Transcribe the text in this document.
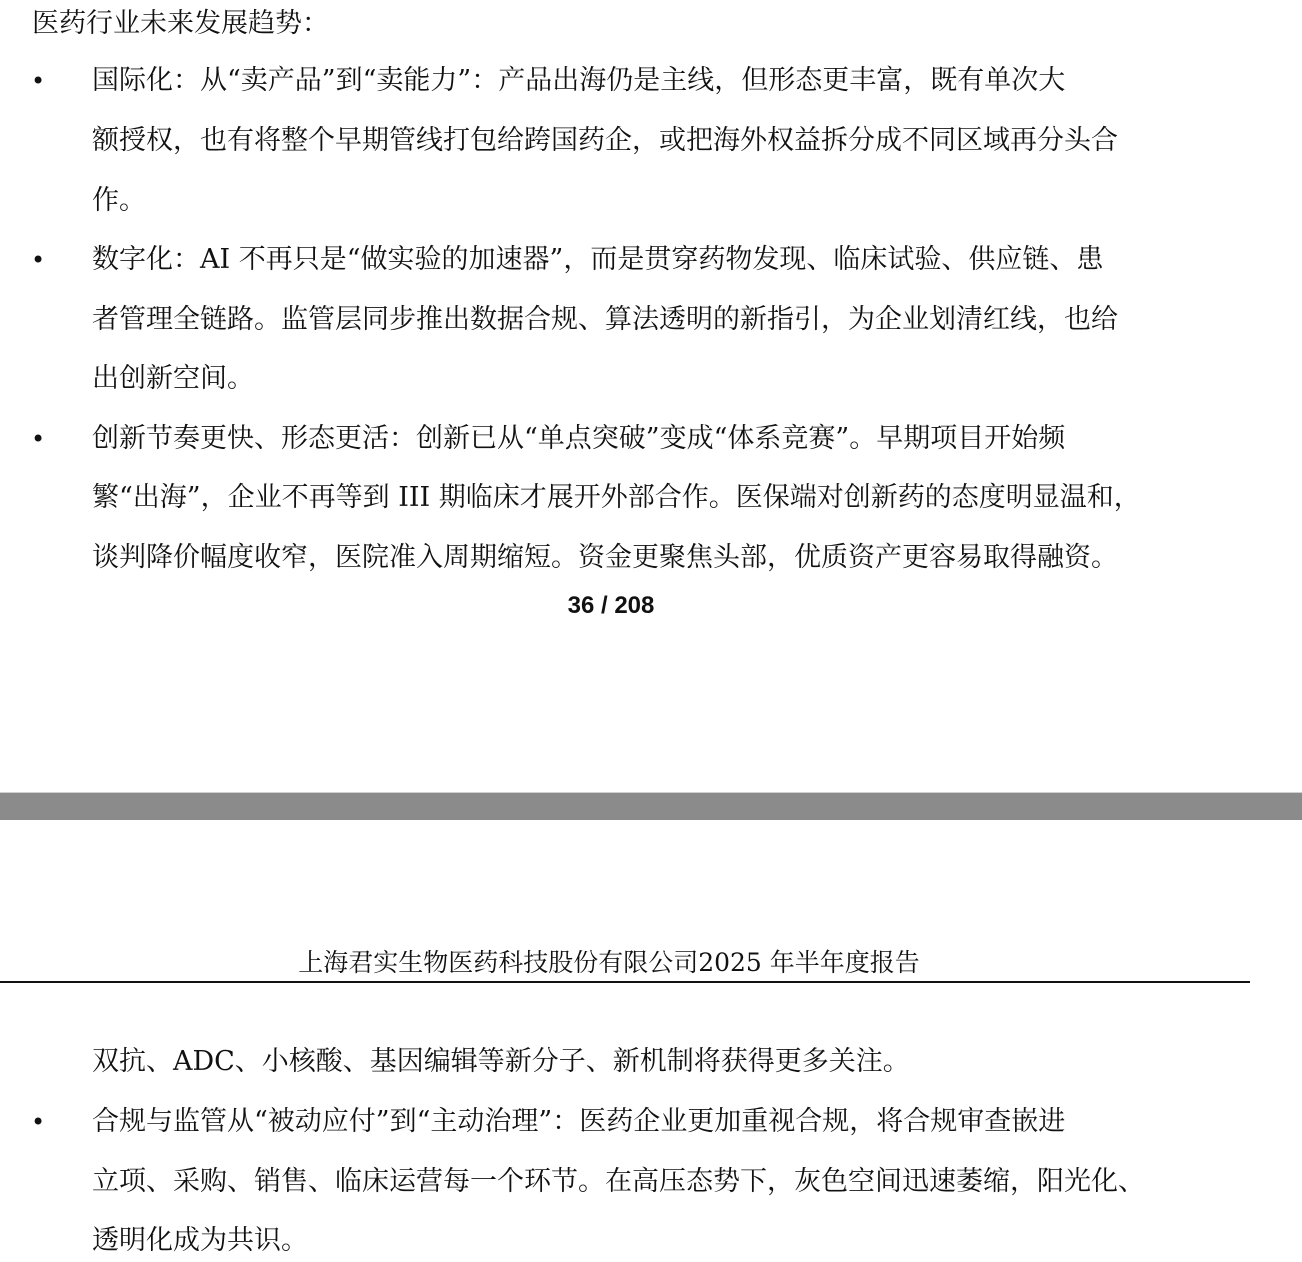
医药行业未来发展趋势：
• 国际化：从“卖产品”到“卖能力”：产品出海仍是主线，但形态更丰富，既有单次大
额授权，也有将整个早期管线打包给跨国药企，或把海外权益拆分成不同区域再分头合
作。
• 数字化：AI 不再只是“做实验的加速器”，而是贯穿药物发现、临床试验、供应链、患
者管理全链路。监管层同步推出数据合规、算法透明的新指引，为企业划清红线，也给
出创新空间。
• 创新节奏更快、形态更活：创新已从“单点突破”变成“体系竞赛”。早期项目开始频
繁“出海”，企业不再等到 III 期临床才展开外部合作。医保端对创新药的态度明显温和，
谈判降价幅度收窄，医院准入周期缩短。资金更聚焦头部，优质资产更容易取得融资。
36 / 208
上海君实生物医药科技股份有限公司2025 年半年度报告
双抗、ADC、小核酸、基因编辑等新分子、新机制将获得更多关注。
• 合规与监管从“被动应付”到“主动治理”：医药企业更加重视合规，将合规审查嵌进
立项、采购、销售、临床运营每一个环节。在高压态势下，灰色空间迅速萎缩，阳光化、
透明化成为共识。
